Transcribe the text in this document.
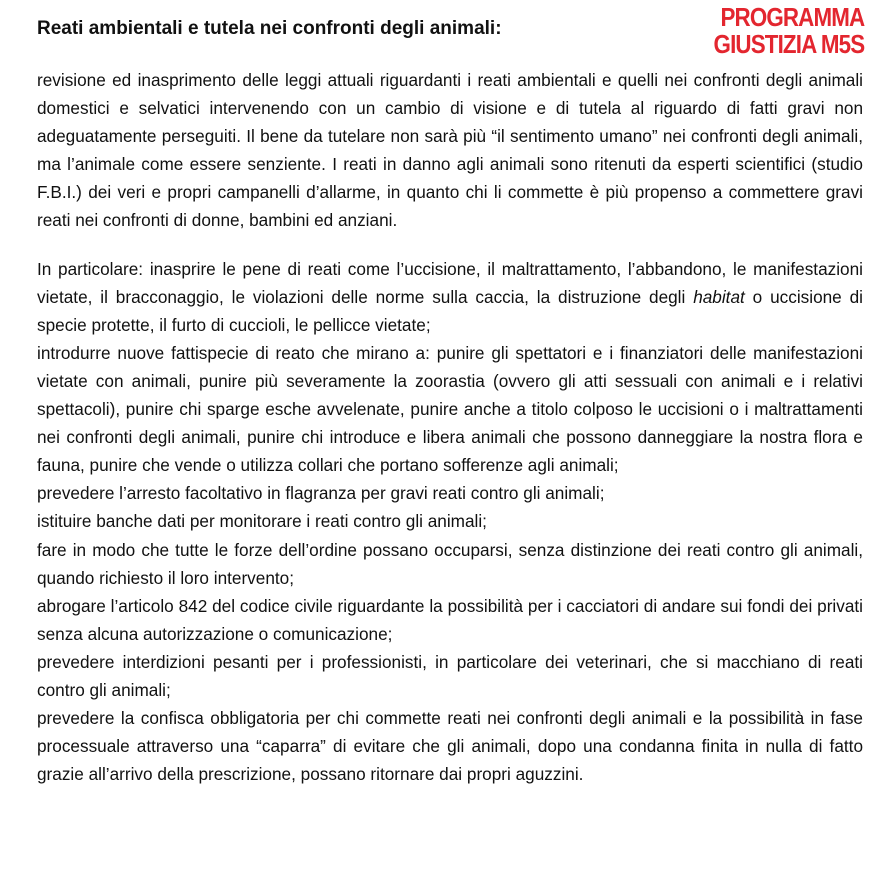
Reati ambientali e tutela nei confronti degli animali:	PROGRAMMA
GIUSTIZIA M5S

revisione ed inasprimento delle leggi attuali riguardanti i reati ambientali e quelli nei confronti degli animali domestici e selvatici intervenendo con un cambio di visione e di tutela al riguardo di fatti gravi non adeguatamente perseguiti. Il bene da tutelare non sarà più “il sentimento umano” nei confronti degli animali, ma l’animale come essere senziente. I reati in danno agli animali sono ritenuti da esperti scientifici (studio F.B.I.) dei veri e propri campanelli d’allarme, in quanto chi li commette è più propenso a commettere gravi reati nei confronti di donne, bambini ed anziani.

In particolare: inasprire le pene di reati come l’uccisione, il maltrattamento, l’abbandono, le manifestazioni vietate, il bracconaggio, le violazioni delle norme sulla caccia, la distruzione degli habitat o uccisione di specie protette, il furto di cuccioli, le pellicce vietate;

introdurre nuove fattispecie di reato che mirano a: punire gli spettatori e i finanziatori delle manifestazioni vietate con animali, punire più severamente la zoorastia (ovvero gli atti sessuali con animali e i relativi spettacoli), punire chi sparge esche avvelenate, punire anche a titolo colposo le uccisioni o i maltrattamenti nei confronti degli animali, punire chi introduce e libera animali che possono danneggiare la nostra flora e fauna, punire che vende o utilizza collari che portano sofferenze agli animali;

prevedere l’arresto facoltativo in flagranza per gravi reati contro gli animali;

istituire banche dati per monitorare i reati contro gli animali;

fare in modo che tutte le forze dell’ordine possano occuparsi, senza distinzione dei reati contro gli animali, quando richiesto il loro intervento;

abrogare l’articolo 842 del codice civile riguardante la possibilità per i cacciatori di andare sui fondi dei privati senza alcuna autorizzazione o comunicazione;

prevedere interdizioni pesanti per i professionisti, in particolare dei veterinari, che si macchiano di reati contro gli animali;

prevedere la confisca obbligatoria per chi commette reati nei confronti degli animali e la possibilità in fase processuale attraverso una “caparra” di evitare che gli animali, dopo una condanna finita in nulla di fatto grazie all’arrivo della prescrizione, possano ritornare dai propri aguzzini.
